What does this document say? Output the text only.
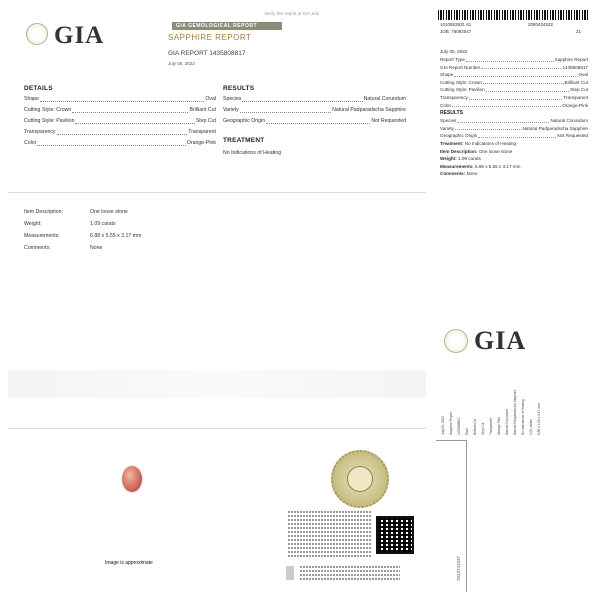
GIA
Verify this report at GIA.edu
GIA GEMOLOGICAL REPORT
SAPPHIRE REPORT
GIA REPORT 1435808817
July 05, 2022
DETAILS
Shape	Oval
Cutting Style: Crown	Brilliant Cut
Cutting Style: Pavilion	Step Cut
Transparency	Transparent
Color	Orange-Pink
RESULTS
Species	Natural Corundum
Variety	Natural Padparadscha Sapphire
Geographic Origin	Not Requested
TREATMENT
No Indications of Heating
Item Description:	One loose stone
Weight:	1.09 carats
Measurements:	6.88 x 5.55 x 3.17 mm
Comments:	None
Image is approximate
1010553931 61	2080434532
JOB: 76092047	21
July 05, 2022
Report Type	Sapphire Report
GIA Report Number	1435808817
Shape	Oval
Cutting Style: Crown	Brilliant Cut
Cutting Style: Pavilion	Step Cut
Transparency	Transparent
Color	Orange-Pink
RESULTS
Species	Natural Corundum
Variety	Natural Padparadscha Sapphire
Geographic Origin	Not Requested
Treatment: No Indications of Heating
Item Description: One loose stone
Weight: 1.09 carats
Measurements: 6.88 x 5.55 x 3.17 mm
Comments: None
GIA
July 05, 2022	Sapphire Report	1435808817	Oval	Brilliant Cut	Step Cut	Transparent	Orange-Pink	Natural Corundum	Natural Padparadscha Sapphire	No Indications of Heating	1.09 carats	6.88 x 5.55 x 3.17 mm
7023741937
